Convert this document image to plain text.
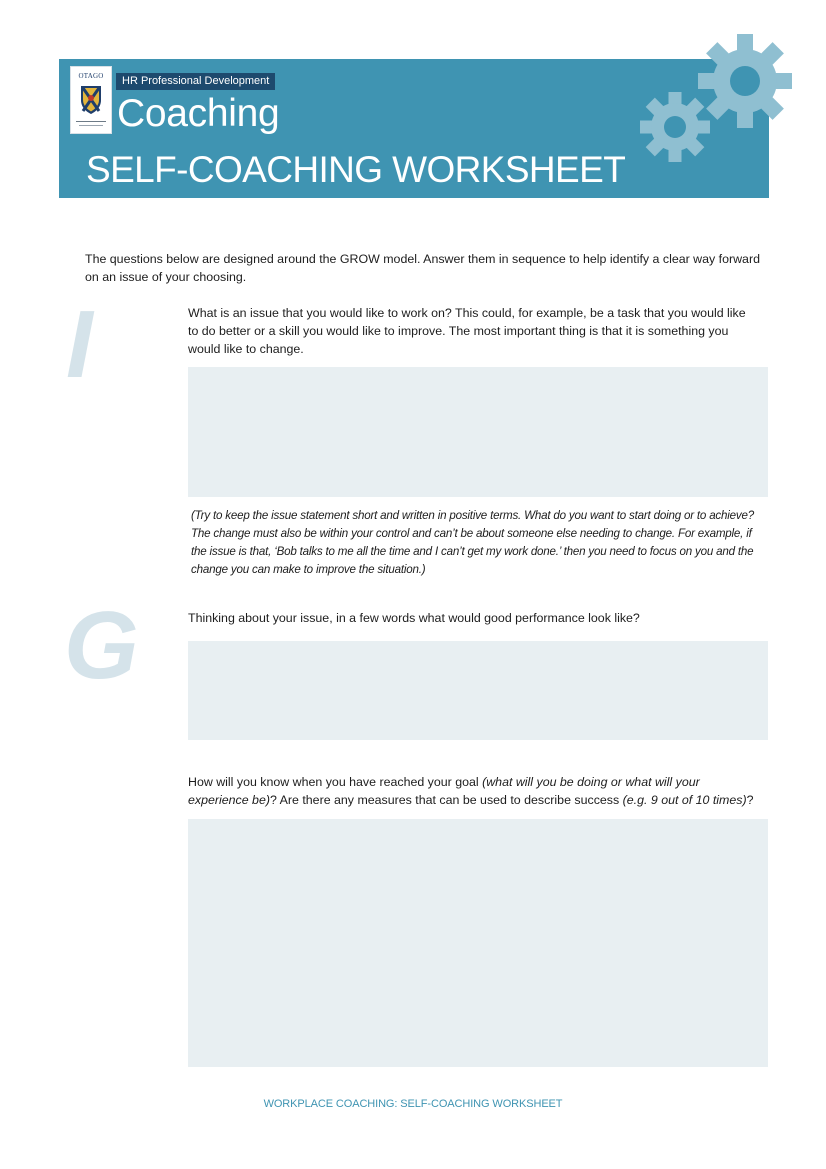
OTAGO	HR Professional Development
Coaching
SELF-COACHING WORKSHEET
The questions below are designed around the GROW model. Answer them in sequence to help identify a clear way forward on an issue of your choosing.
I	What is an issue that you would like to work on? This could, for example, be a task that you would like to do better or a skill you would like to improve. The most important thing is that it is something you would like to change.
(Try to keep the issue statement short and written in positive terms. What do you want to start doing or to achieve? The change must also be within your control and can’t be about someone else needing to change. For example, if the issue is that, ‘Bob talks to me all the time and I can’t get my work done.’ then you need to focus on you and the change you can make to improve the situation.)
G	Thinking about your issue, in a few words what would good performance look like?
How will you know when you have reached your goal (what will you be doing or what will your experience be)? Are there any measures that can be used to describe success (e.g. 9 out of 10 times)?
WORKPLACE COACHING: SELF-COACHING WORKSHEET
